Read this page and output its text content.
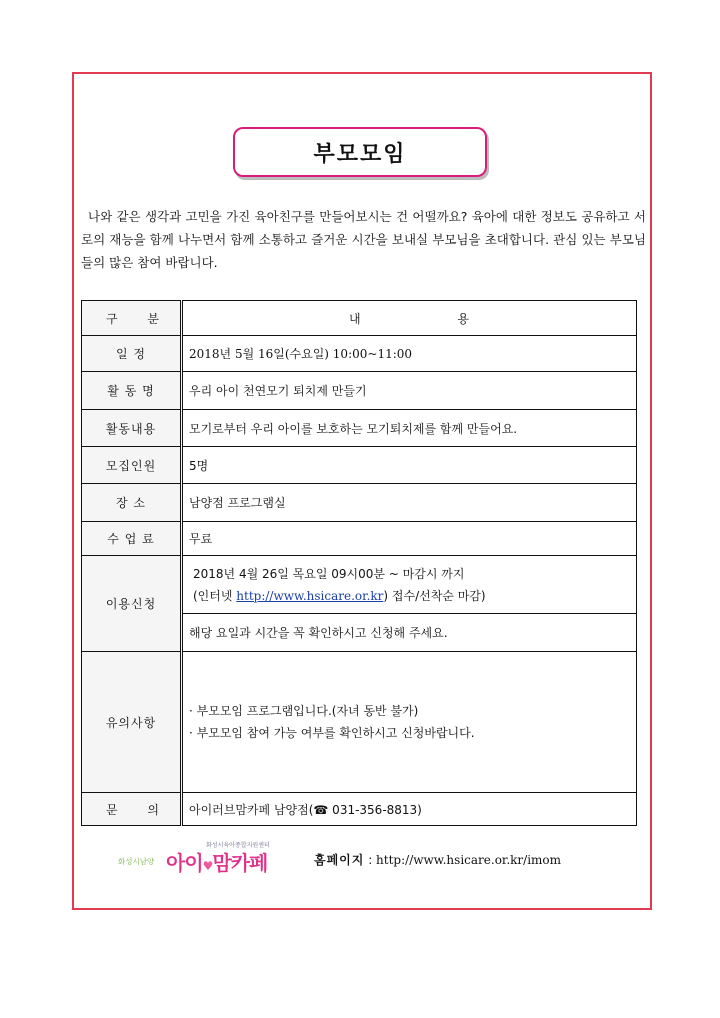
부모모임

나와 같은 생각과 고민을 가진 육아친구를 만들어보시는 건 어떨까요? 육아에 대한 정보도 공유하고 서로의 재능을 함께 나누면서 함께 소통하고 즐거운 시간을 보내실 부모님을 초대합니다. 관심 있는 부모님들의 많은 참여 바랍니다.

구 분	내 용

일 정	2018년 5월 16일(수요일) 10:00~11:00
활 동 명	우리 아이 천연모기 퇴치제 만들기
활동내용	모기로부터 우리 아이를 보호하는 모기퇴치제를 함께 만들어요.
모집인원	5명
장 소	남양점 프로그램실
수 업 료	무료
이용신청	2018년 4월 26일 목요일 09시00분 ~ 마감시 까지
(인터넷 http://www.hsicare.or.kr) 접수/선착순 마감)

	해당 요일과 시간을 꼭 확인하시고 신청해 주세요.
유의사항	· 부모모임 프로그램입니다.(자녀 동반 불가)
· 부모모임 참여 가능 여부를 확인하시고 신청바랍니다.

문 의	아이러브맘카페 남양점(☎ 031-356-8813)
화성시육아종합지원센터
화성시남양 아이♥맘카페	홈페이지 : http://www.hsicare.or.kr/imom
